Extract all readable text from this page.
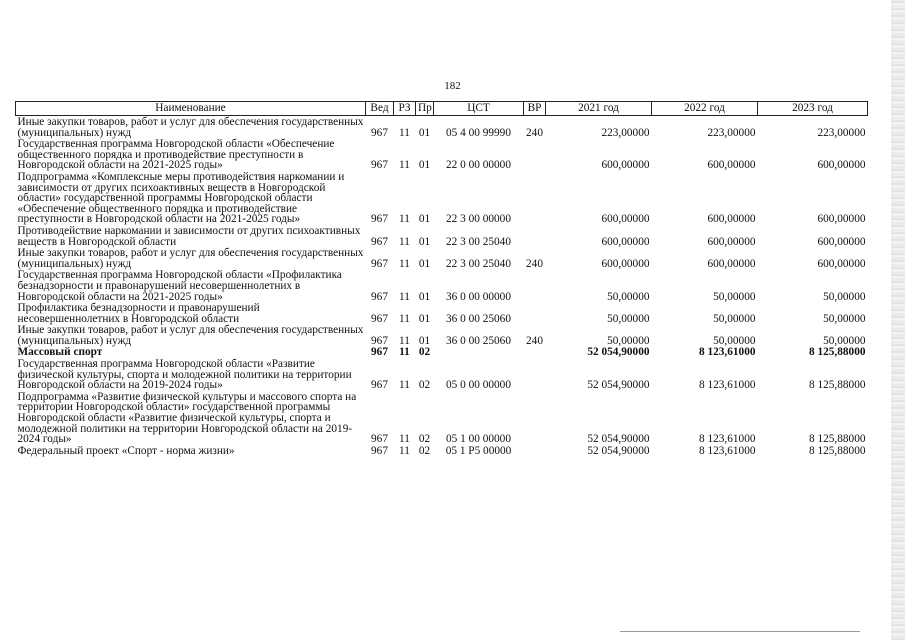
182
Наименование	Вед	РЗ	Пр	ЦСТ	ВР	2021 год	2022 год	2023 год
Иные закупки товаров, работ и услуг для обеспечения государственных (муниципальных) нужд	967	11	01	05 4 00 99990	240	223,00000	223,00000	223,00000
Государственная программа Новгородской области «Обеспечение общественного порядка и противодействие преступности в Новгородской области на 2021-2025 годы»	967	11	01	22 0 00 00000		600,00000	600,00000	600,00000
Подпрограмма «Комплексные меры противодействия наркомании и зависимости от других психоактивных веществ в Новгородской области» государственной программы Новгородской области «Обеспечение общественного порядка и противодействие преступности в Новгородской области на 2021-2025 годы»	967	11	01	22 3 00 00000		600,00000	600,00000	600,00000
Противодействие наркомании и зависимости от других психоактивных веществ в Новгородской области	967	11	01	22 3 00 25040		600,00000	600,00000	600,00000
Иные закупки товаров, работ и услуг для обеспечения государственных (муниципальных) нужд	967	11	01	22 3 00 25040	240	600,00000	600,00000	600,00000
Государственная программа Новгородской области «Профилактика безнадзорности и правонарушений несовершеннолетних в Новгородской области на 2021-2025 годы»	967	11	01	36 0 00 00000		50,00000	50,00000	50,00000
Профилактика безнадзорности и правонарушений несовершеннолетних в Новгородской области	967	11	01	36 0 00 25060		50,00000	50,00000	50,00000
Иные закупки товаров, работ и услуг для обеспечения государственных (муниципальных) нужд	967	11	01	36 0 00 25060	240	50,00000	50,00000	50,00000
Массовый спорт	967	11	02			52 054,90000	8 123,61000	8 125,88000
Государственная программа Новгородской области «Развитие физической культуры, спорта и молодежной политики на территории Новгородской области на 2019-2024 годы»	967	11	02	05 0 00 00000		52 054,90000	8 123,61000	8 125,88000
Подпрограмма «Развитие физической культуры и массового спорта на территории Новгородской области» государственной программы Новгородской области «Развитие физической культуры, спорта и молодежной политики на территории Новгородской области на 2019-2024 годы»	967	11	02	05 1 00 00000		52 054,90000	8 123,61000	8 125,88000
Федеральный проект «Спорт - норма жизни»	967	11	02	05 1 P5 00000		52 054,90000	8 123,61000	8 125,88000
